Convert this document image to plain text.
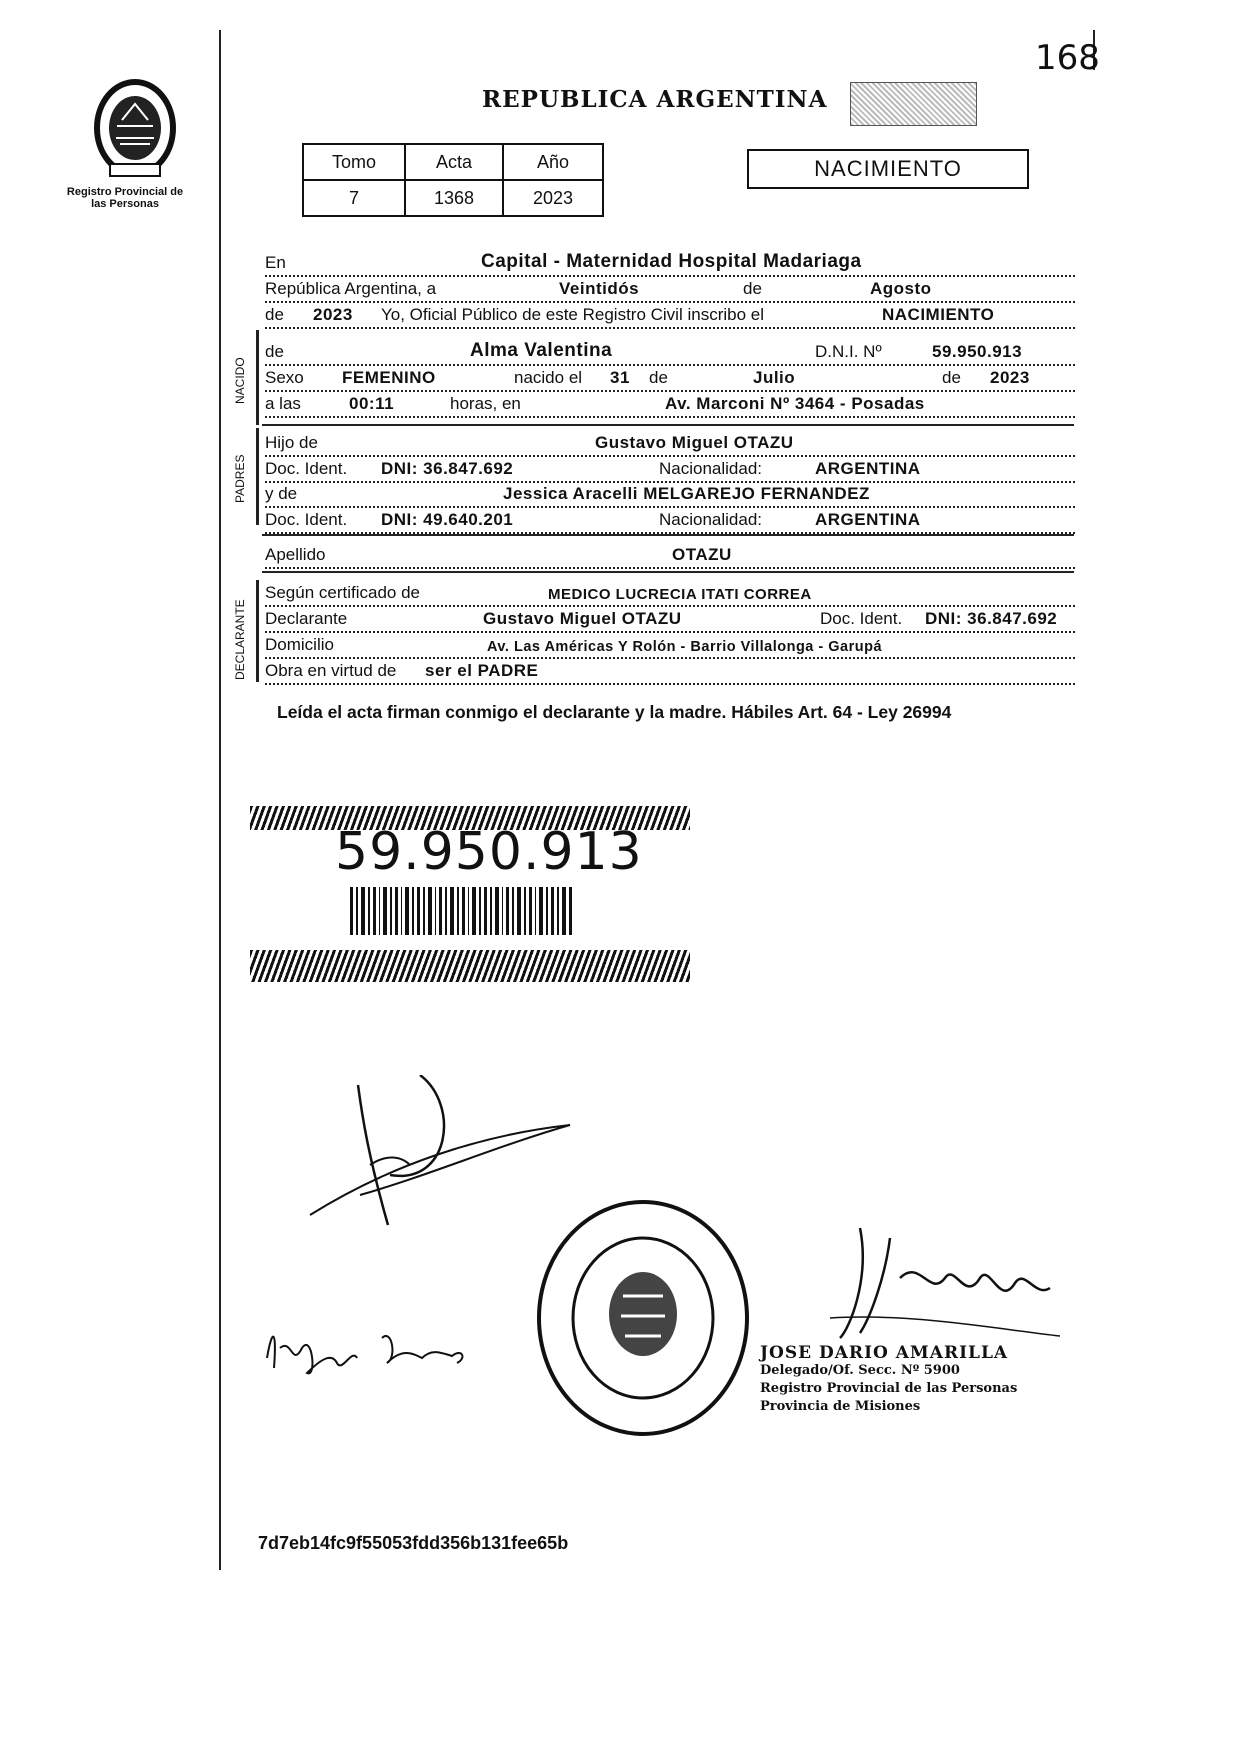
168
Registro Provincial de las Personas
REPUBLICA ARGENTINA
Tomo	Acta	Año
7	1368	2023
NACIMIENTO
En	Capital - Maternidad Hospital Madariaga
República Argentina, a	Veintidós	de	Agosto
de 2023 Yo, Oficial Público de este Registro Civil inscribo el	NACIMIENTO
NACIDO
de	Alma Valentina	D.N.I. Nº	59.950.913
Sexo FEMENINO	nacido el 31 de	Julio	de 2023
a las	00:11	horas, en	Av. Marconi Nº 3464 - Posadas
PADRES
Hijo de	Gustavo Miguel OTAZU
Doc. Ident. DNI: 36.847.692	Nacionalidad:	ARGENTINA
y de	Jessica Aracelli MELGAREJO FERNANDEZ
Doc. Ident. DNI: 49.640.201	Nacionalidad:	ARGENTINA
Apellido	OTAZU
DECLARANTE
Según certificado de	MEDICO LUCRECIA ITATI CORREA
Declarante	Gustavo Miguel OTAZU	Doc. Ident. DNI: 36.847.692
Domicilio	Av. Las Américas Y Rolón - Barrio Villalonga - Garupá
Obra en virtud de ser el PADRE
Leída el acta firman conmigo el declarante y la madre. Hábiles Art. 64 - Ley 26994
59.950.913
JOSE DARIO AMARILLA
Delegado/Of. Secc. Nº 5900
Registro Provincial de las Personas
Provincia de Misiones
7d7eb14fc9f55053fdd356b131fee65b
